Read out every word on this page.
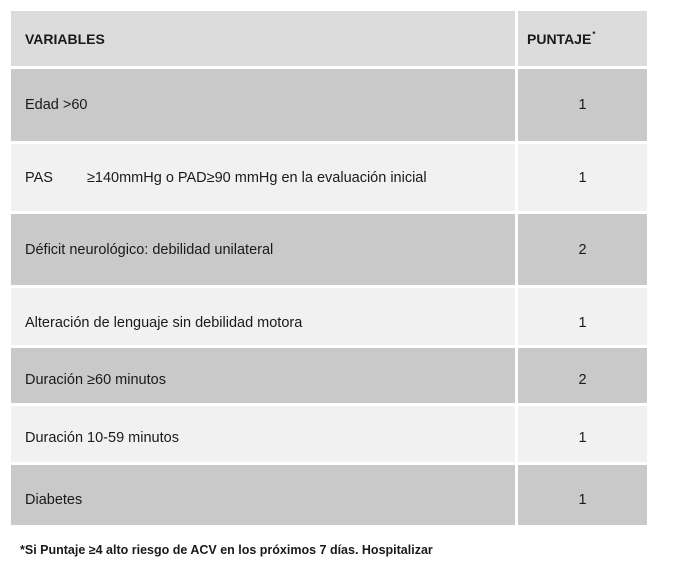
VARIABLES	PUNTAJE*
Edad >60	1
PAS ≥140mmHg o PAD≥90 mmHg en la evaluación inicial	1
Déficit neurológico: debilidad unilateral	2
Alteración de lenguaje sin debilidad motora	1
Duración ≥60 minutos	2
Duración 10-59 minutos	1
Diabetes	1
*Si Puntaje ≥4 alto riesgo de ACV en los próximos 7 días. Hospitalizar
